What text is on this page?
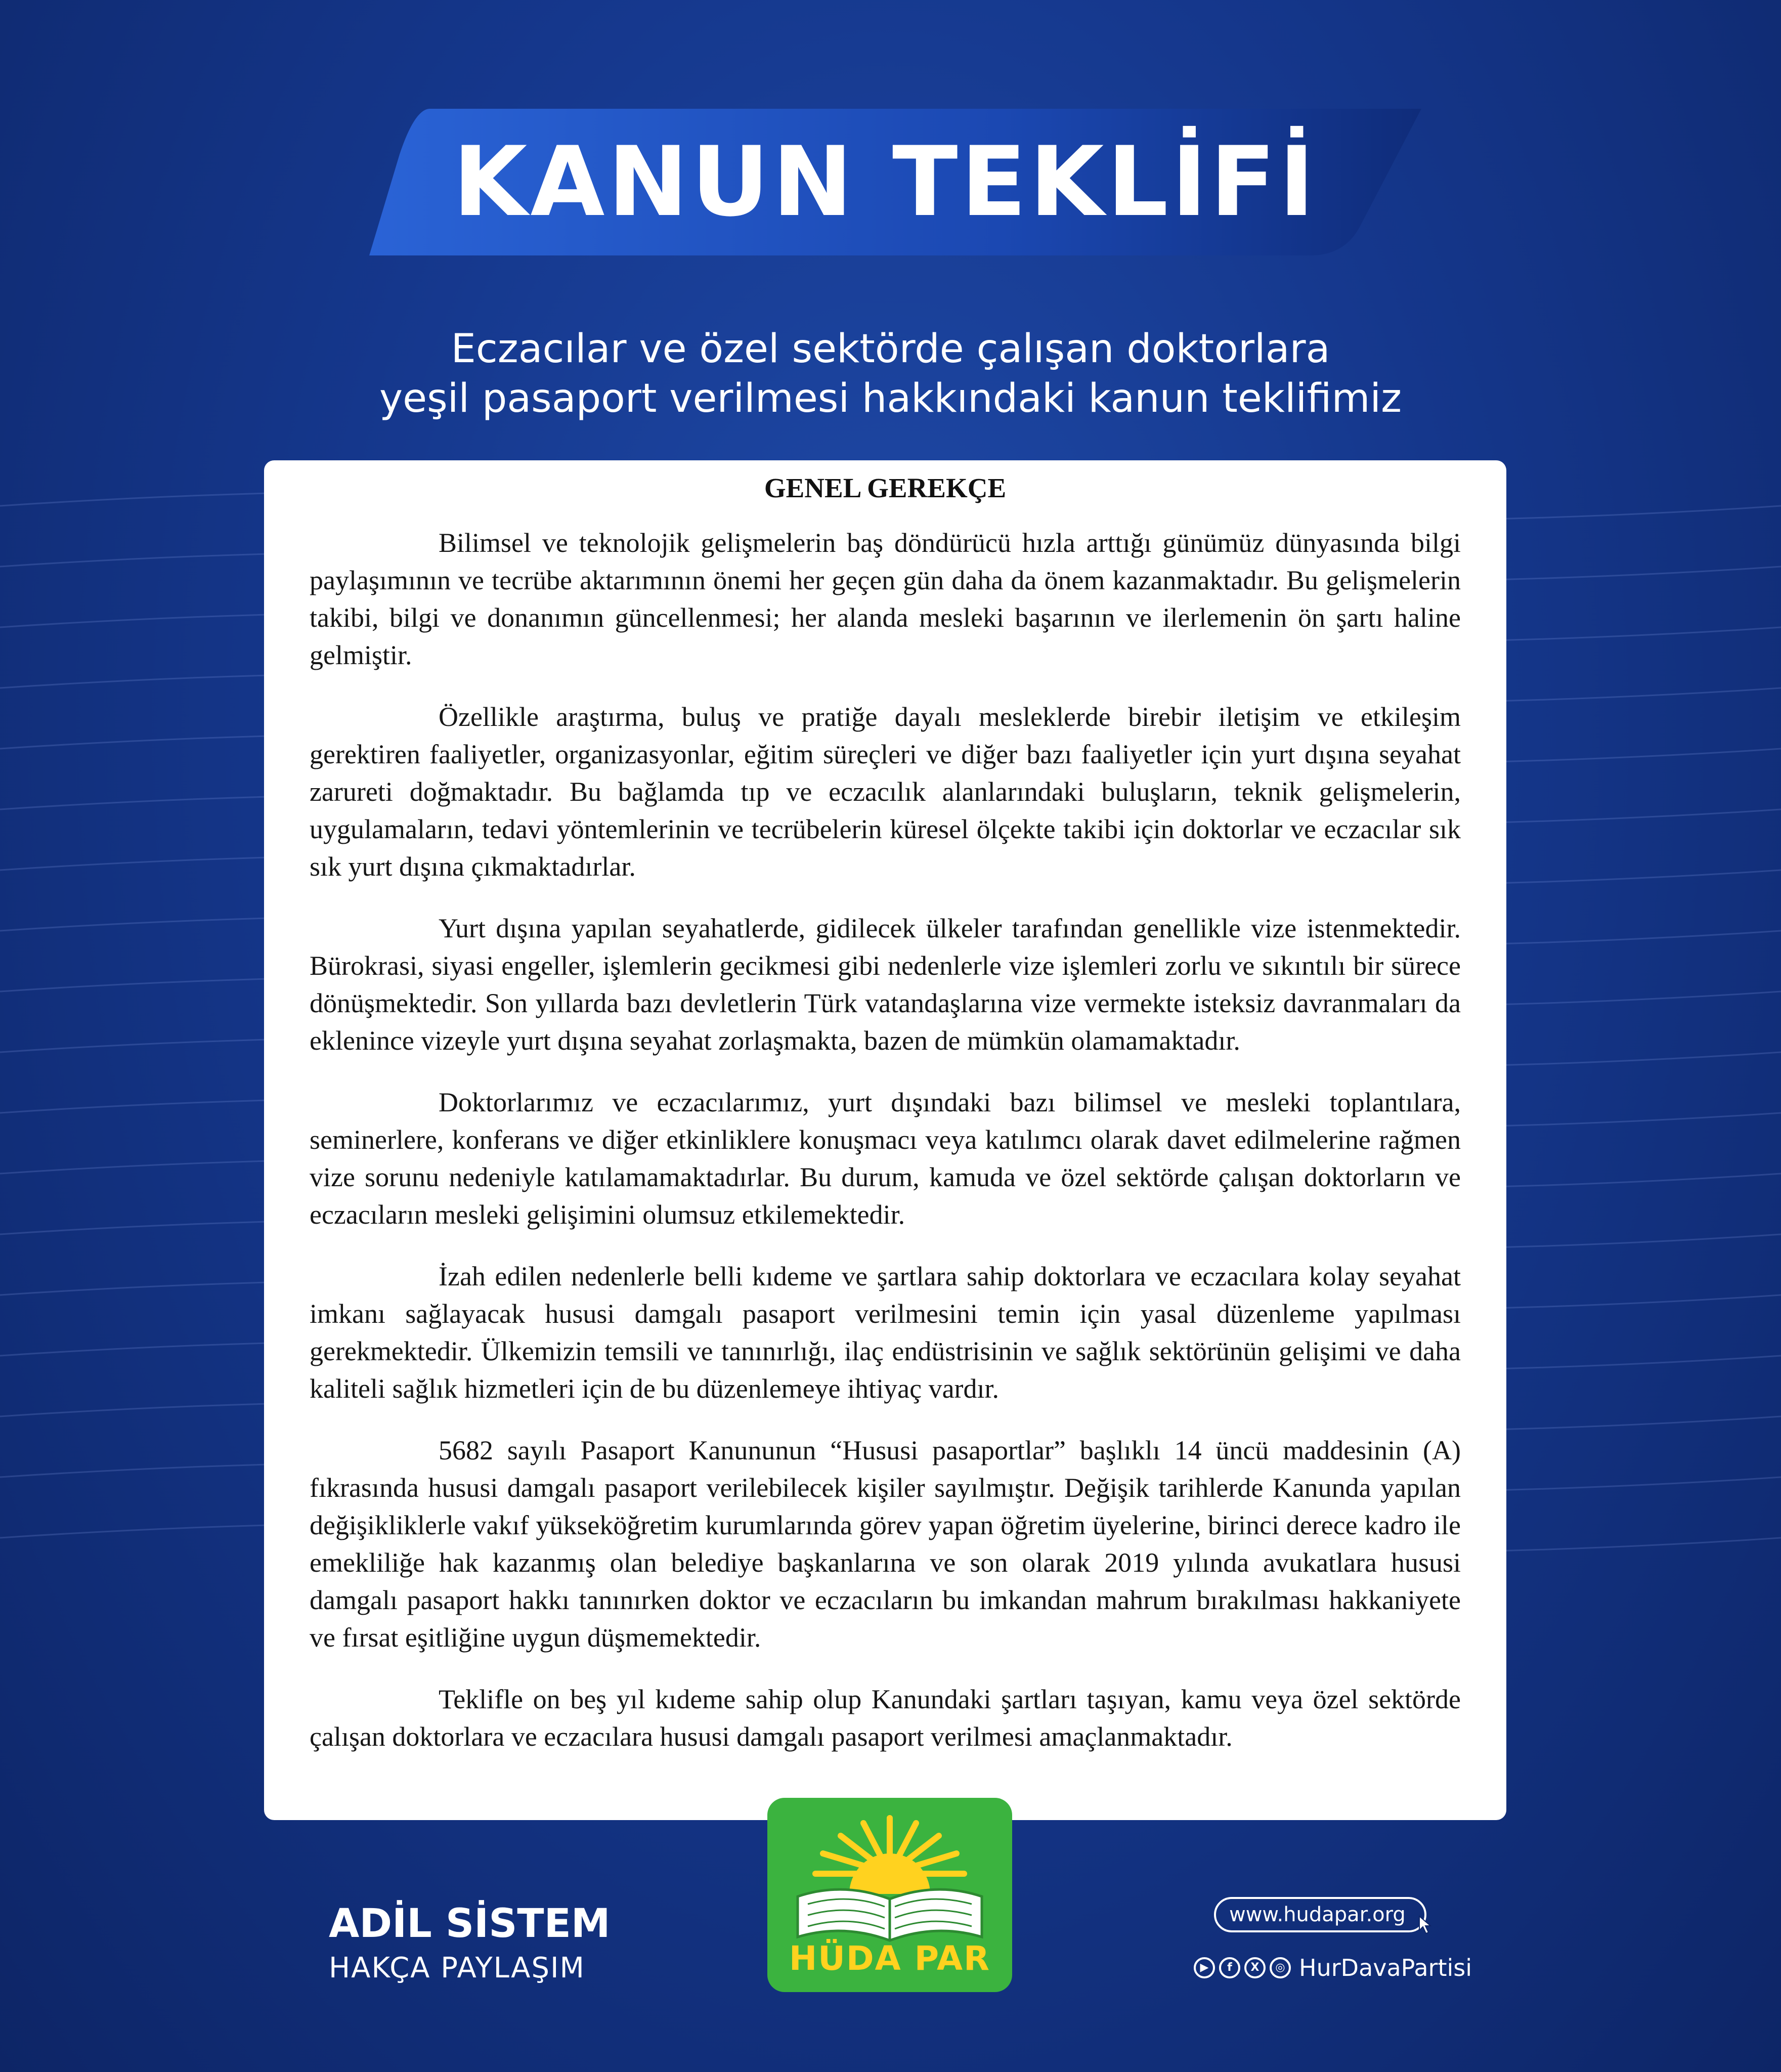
KANUN TEKLİFİ
Eczacılar ve özel sektörde çalışan doktorlara
yeşil pasaport verilmesi hakkındaki kanun teklifimiz
GENEL GEREKÇE

Bilimsel ve teknolojik gelişmelerin baş döndürücü hızla arttığı günümüz dünyasında bilgi paylaşımının ve tecrübe aktarımının önemi her geçen gün daha da önem kazanmaktadır. Bu gelişmelerin takibi, bilgi ve donanımın güncellenmesi; her alanda mesleki başarının ve ilerlemenin ön şartı haline gelmiştir.

Özellikle araştırma, buluş ve pratiğe dayalı mesleklerde birebir iletişim ve etkileşim gerektiren faaliyetler, organizasyonlar, eğitim süreçleri ve diğer bazı faaliyetler için yurt dışına seyahat zarureti doğmaktadır. Bu bağlamda tıp ve eczacılık alanlarındaki buluşların, teknik gelişmelerin, uygulamaların, tedavi yöntemlerinin ve tecrübelerin küresel ölçekte takibi için doktorlar ve eczacılar sık sık yurt dışına çıkmaktadırlar.

Yurt dışına yapılan seyahatlerde, gidilecek ülkeler tarafından genellikle vize istenmektedir. Bürokrasi, siyasi engeller, işlemlerin gecikmesi gibi nedenlerle vize işlemleri zorlu ve sıkıntılı bir sürece dönüşmektedir. Son yıllarda bazı devletlerin Türk vatandaşlarına vize vermekte isteksiz davranmaları da eklenince vizeyle yurt dışına seyahat zorlaşmakta, bazen de mümkün olamamaktadır.

Doktorlarımız ve eczacılarımız, yurt dışındaki bazı bilimsel ve mesleki toplantılara, seminerlere, konferans ve diğer etkinliklere konuşmacı veya katılımcı olarak davet edilmelerine rağmen vize sorunu nedeniyle katılamamaktadırlar. Bu durum, kamuda ve özel sektörde çalışan doktorların ve eczacıların mesleki gelişimini olumsuz etkilemektedir.

İzah edilen nedenlerle belli kıdeme ve şartlara sahip doktorlara ve eczacılara kolay seyahat imkanı sağlayacak hususi damgalı pasaport verilmesini temin için yasal düzenleme yapılması gerekmektedir. Ülkemizin temsili ve tanınırlığı, ilaç endüstrisinin ve sağlık sektörünün gelişimi ve daha kaliteli sağlık hizmetleri için de bu düzenlemeye ihtiyaç vardır.

5682 sayılı Pasaport Kanununun “Hususi pasaportlar” başlıklı 14 üncü maddesinin (A) fıkrasında hususi damgalı pasaport verilebilecek kişiler sayılmıştır. Değişik tarihlerde Kanunda yapılan değişikliklerle vakıf yükseköğretim kurumlarında görev yapan öğretim üyelerine, birinci derece kadro ile emekliliğe hak kazanmış olan belediye başkanlarına ve son olarak 2019 yılında avukatlara hususi damgalı pasaport hakkı tanınırken doktor ve eczacıların bu imkandan mahrum bırakılması hakkaniyete ve fırsat eşitliğine uygun düşmemektedir.

Teklifle on beş yıl kıdeme sahip olup Kanundaki şartları taşıyan, kamu veya özel sektörde çalışan doktorlara ve eczacılara hususi damgalı pasaport verilmesi amaçlanmaktadır.

HÜDA PAR
ADİL SİSTEM
HAKÇA PAYLAŞIM
www.hudapar.org
▶	f	X	◎ HurDavaPartisi
